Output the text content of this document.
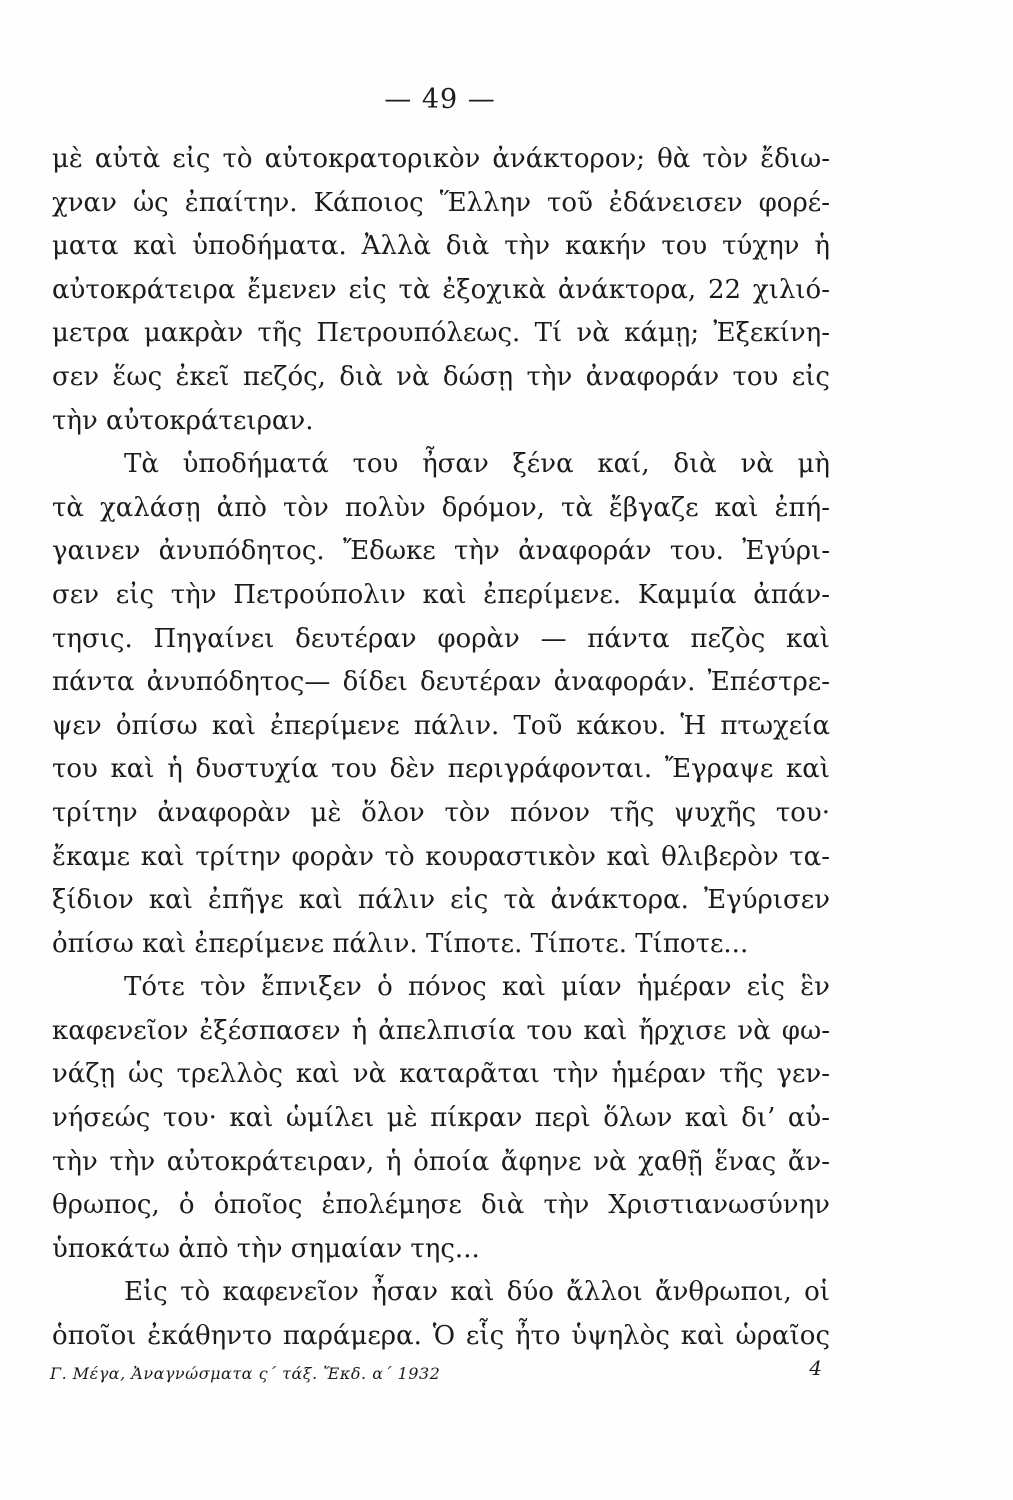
— 49 —
μὲ αὐτὰ εἰς τὸ αὐτοκρατορικὸν ἀνάκτορον; θὰ τὸν ἔδιω-
χναν ὡς ἐπαίτην. Κάποιος Ἕλλην τοῦ ἐδάνεισεν φορέ-
ματα καὶ ὑποδήματα. Ἀλλὰ διὰ τὴν κακήν του τύχην ἡ
αὐτοκράτειρα ἔμενεν εἰς τὰ ἐξοχικὰ ἀνάκτορα, 22 χιλιό-
μετρα μακρὰν τῆς Πετρουπόλεως. Τί νὰ κάμῃ; Ἐξεκίνη-
σεν ἕως ἐκεῖ πεζός, διὰ νὰ δώσῃ τὴν ἀναφοράν του εἰς
τὴν αὐτοκράτειραν.
Τὰ ὑποδήματά του ἦσαν ξένα καί, διὰ νὰ μὴ
τὰ χαλάσῃ ἀπὸ τὸν πολὺν δρόμον, τὰ ἔβγαζε καὶ ἐπή-
γαινεν ἀνυπόδητος. Ἔδωκε τὴν ἀναφοράν του. Ἐγύρι-
σεν εἰς τὴν Πετρούπολιν καὶ ἐπερίμενε. Καμμία ἀπάν-
τησις. Πηγαίνει δευτέραν φορὰν — πάντα πεζὸς καὶ
πάντα ἀνυπόδητος— δίδει δευτέραν ἀναφοράν. Ἐπέστρε-
ψεν ὀπίσω καὶ ἐπερίμενε πάλιν. Τοῦ κάκου. Ἡ πτωχεία
του καὶ ἡ δυστυχία του δὲν περιγράφονται. Ἔγραψε καὶ
τρίτην ἀναφορὰν μὲ ὅλον τὸν πόνον τῆς ψυχῆς του·
ἔκαμε καὶ τρίτην φορὰν τὸ κουραστικὸν καὶ θλιβερὸν τα-
ξίδιον καὶ ἐπῆγε καὶ πάλιν εἰς τὰ ἀνάκτορα. Ἐγύρισεν
ὀπίσω καὶ ἐπερίμενε πάλιν. Τίποτε. Τίποτε. Τίποτε...
Τότε τὸν ἔπνιξεν ὁ πόνος καὶ μίαν ἡμέραν εἰς ἓν
καφενεῖον ἐξέσπασεν ἡ ἀπελπισία του καὶ ἤρχισε νὰ φω-
νάζῃ ὡς τρελλὸς καὶ νὰ καταρᾶται τὴν ἡμέραν τῆς γεν-
νήσεώς του· καὶ ὡμίλει μὲ πίκραν περὶ ὅλων καὶ δι’ αὐ-
τὴν τὴν αὐτοκράτειραν, ἡ ὁποία ἄφηνε νὰ χαθῇ ἕνας ἄν-
θρωπος, ὁ ὁποῖος ἐπολέμησε διὰ τὴν Χριστιανωσύνην
ὑποκάτω ἀπὸ τὴν σημαίαν της...
Εἰς τὸ καφενεῖον ἦσαν καὶ δύο ἄλλοι ἄνθρωποι, οἱ
ὁποῖοι ἐκάθηντο παράμερα. Ὁ εἷς ἦτο ὑψηλὸς καὶ ὡραῖος
Γ. Μέγα, Ἀναγνώσματα ς΄ τάξ. Ἔκδ. α΄ 1932	4
